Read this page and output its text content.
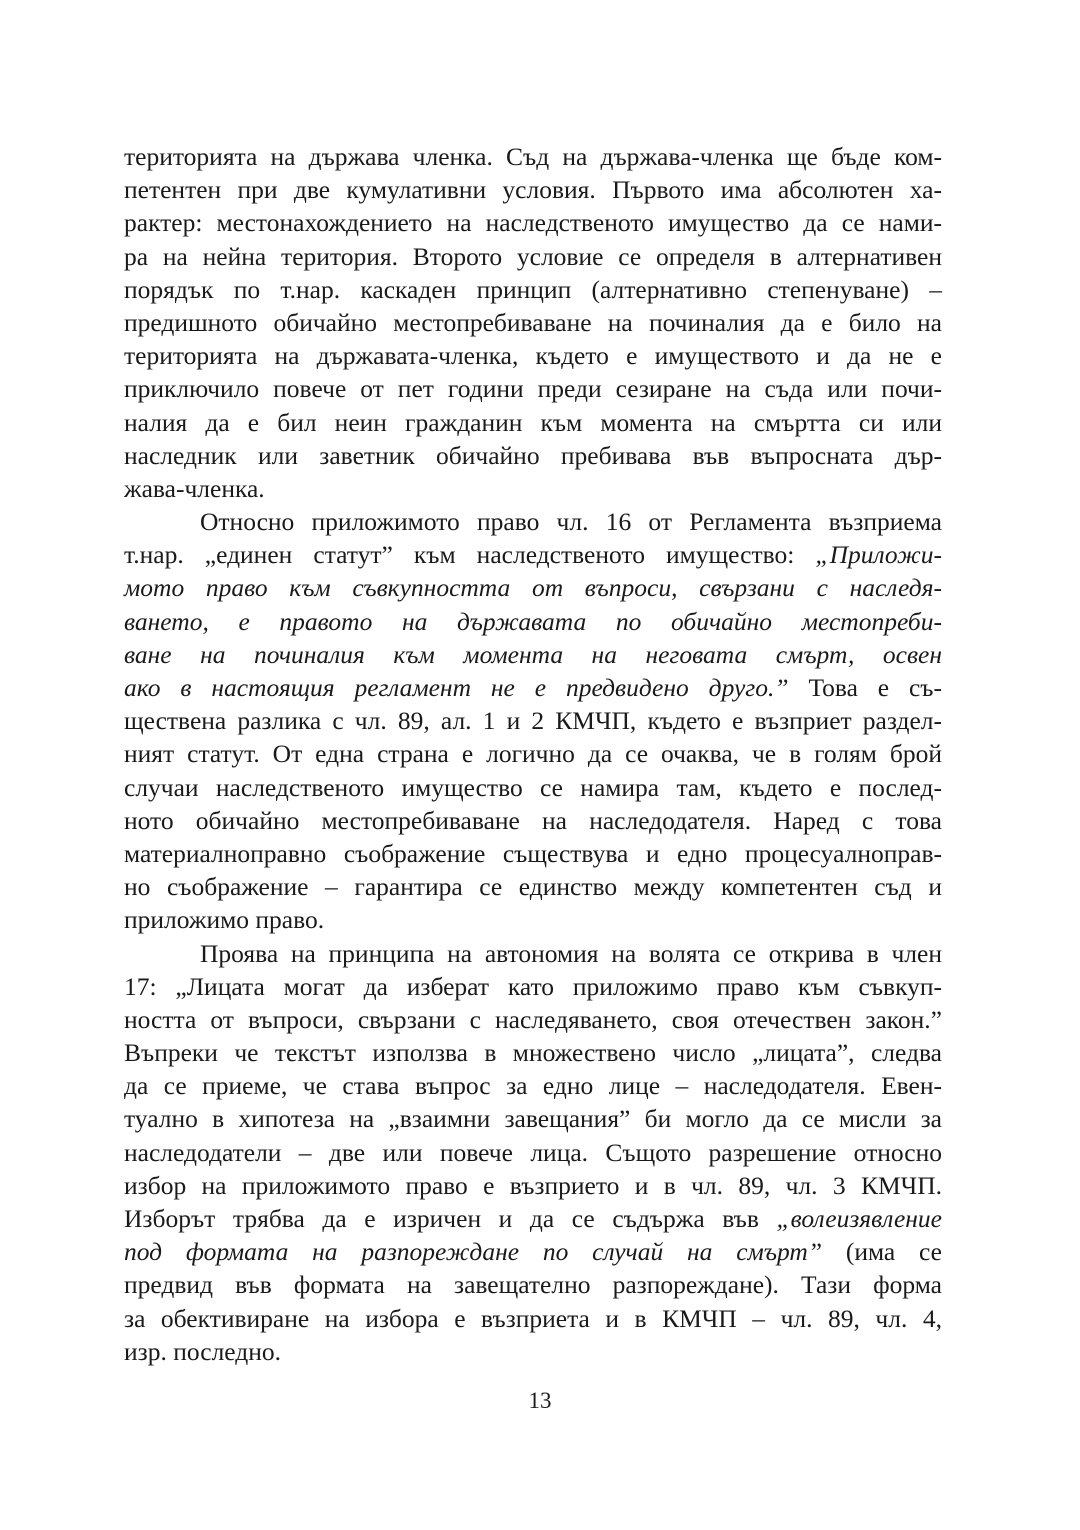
територията на държава членка. Съд на държава-членка ще бъде ком-
петентен при две кумулативни условия. Първото има абсолютен ха-
рактер: местонахождението на наследственото имущество да се нами-
ра на нейна територия. Второто условие се определя в алтернативен
порядък по т.нар. каскаден принцип (алтернативно степенуване) –
предишното обичайно местопребиваване на починалия да е било на
територията на държавата-членка, където е имуществото и да не е
приключило повече от пет години преди сезиране на съда или почи-
налия да е бил неин гражданин към момента на смъртта си или
наследник или заветник обичайно пребивава във въпросната дър-
жава-членка.
Относно приложимото право чл. 16 от Регламента възприема
т.нар. „единен статут” към наследственото имущество: „Приложи-
мото право към съвкупността от въпроси, свързани с наследя-
ването, е правото на държавата по обичайно местопреби-
ване на починалия към момента на неговата смърт, освен
ако в настоящия регламент не е предвидено друго.” Това е съ-
ществена разлика с чл. 89, ал. 1 и 2 КМЧП, където е възприет раздел-
ният статут. От една страна е логично да се очаква, че в голям брой
случаи наследственото имущество се намира там, където е послед-
ното обичайно местопребиваване на наследодателя. Наред с това
материалноправно съображение съществува и едно процесуалноправ-
но съображение – гарантира се единство между компетентен съд и
приложимо право.
Проява на принципа на автономия на волята се открива в член
17: „Лицата могат да изберат като приложимо право към съвкуп-
ността от въпроси, свързани с наследяването, своя отечествен закон.”
Въпреки че текстът използва в множествено число „лицата”, следва
да се приеме, че става въпрос за едно лице – наследодателя. Евен-
туално в хипотеза на „взаимни завещания” би могло да се мисли за
наследодатели – две или повече лица. Същото разрешение относно
избор на приложимото право е възприето и в чл. 89, чл. 3 КМЧП.
Изборът трябва да е изричен и да се съдържа във „волеизявление
под формата на разпореждане по случай на смърт” (има се
предвид във формата на завещателно разпореждане). Тази форма
за обективиране на избора е възприета и в КМЧП – чл. 89, чл. 4,
изр. последно.
13
